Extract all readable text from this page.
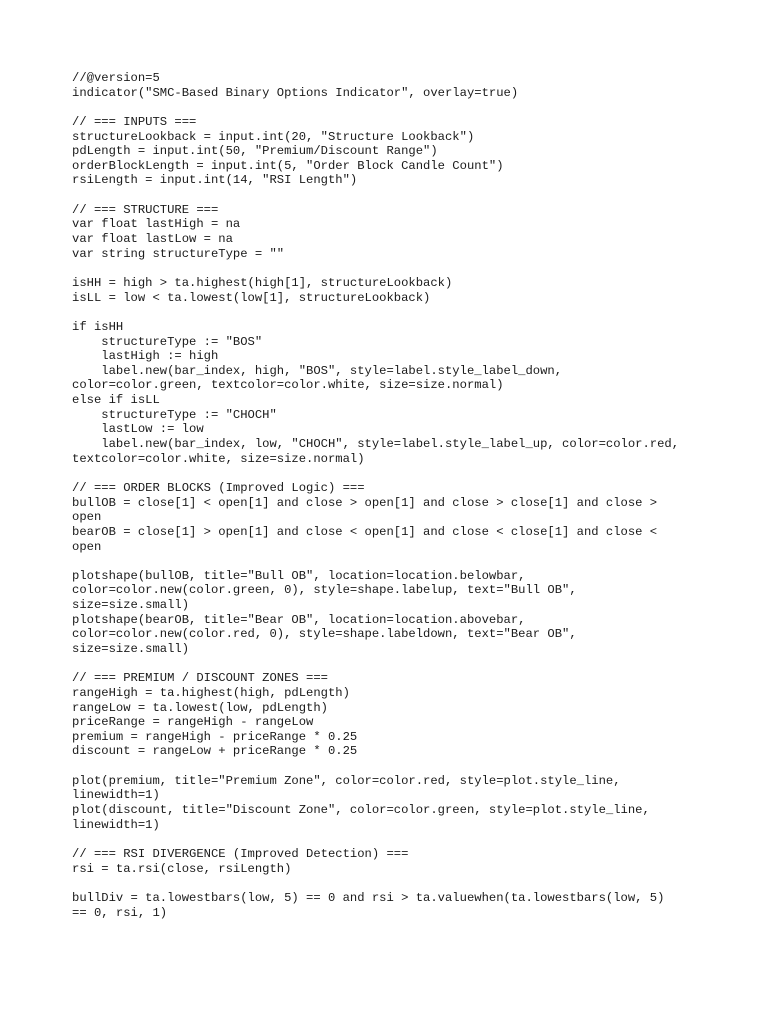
//@version=5
indicator("SMC-Based Binary Options Indicator", overlay=true)
// === INPUTS ===
structureLookback = input.int(20, "Structure Lookback")
pdLength = input.int(50, "Premium/Discount Range")
orderBlockLength = input.int(5, "Order Block Candle Count")
rsiLength = input.int(14, "RSI Length")
// === STRUCTURE ===
var float lastHigh = na
var float lastLow = na
var string structureType = ""
isHH = high > ta.highest(high[1], structureLookback)
isLL = low < ta.lowest(low[1], structureLookback)
if isHH
structureType := "BOS"
lastHigh := high
label.new(bar_index, high, "BOS", style=label.style_label_down,
color=color.green, textcolor=color.white, size=size.normal)
else if isLL
structureType := "CHOCH"
lastLow := low
label.new(bar_index, low, "CHOCH", style=label.style_label_up, color=color.red,
textcolor=color.white, size=size.normal)
// === ORDER BLOCKS (Improved Logic) ===
bullOB = close[1] < open[1] and close > open[1] and close > close[1] and close >
open
bearOB = close[1] > open[1] and close < open[1] and close < close[1] and close <
open
plotshape(bullOB, title="Bull OB", location=location.belowbar,
color=color.new(color.green, 0), style=shape.labelup, text="Bull OB",
size=size.small)
plotshape(bearOB, title="Bear OB", location=location.abovebar,
color=color.new(color.red, 0), style=shape.labeldown, text="Bear OB",
size=size.small)
// === PREMIUM / DISCOUNT ZONES ===
rangeHigh = ta.highest(high, pdLength)
rangeLow = ta.lowest(low, pdLength)
priceRange = rangeHigh - rangeLow
premium = rangeHigh - priceRange * 0.25
discount = rangeLow + priceRange * 0.25
plot(premium, title="Premium Zone", color=color.red, style=plot.style_line,
linewidth=1)
plot(discount, title="Discount Zone", color=color.green, style=plot.style_line,
linewidth=1)
// === RSI DIVERGENCE (Improved Detection) ===
rsi = ta.rsi(close, rsiLength)
bullDiv = ta.lowestbars(low, 5) == 0 and rsi > ta.valuewhen(ta.lowestbars(low, 5)
== 0, rsi, 1)
